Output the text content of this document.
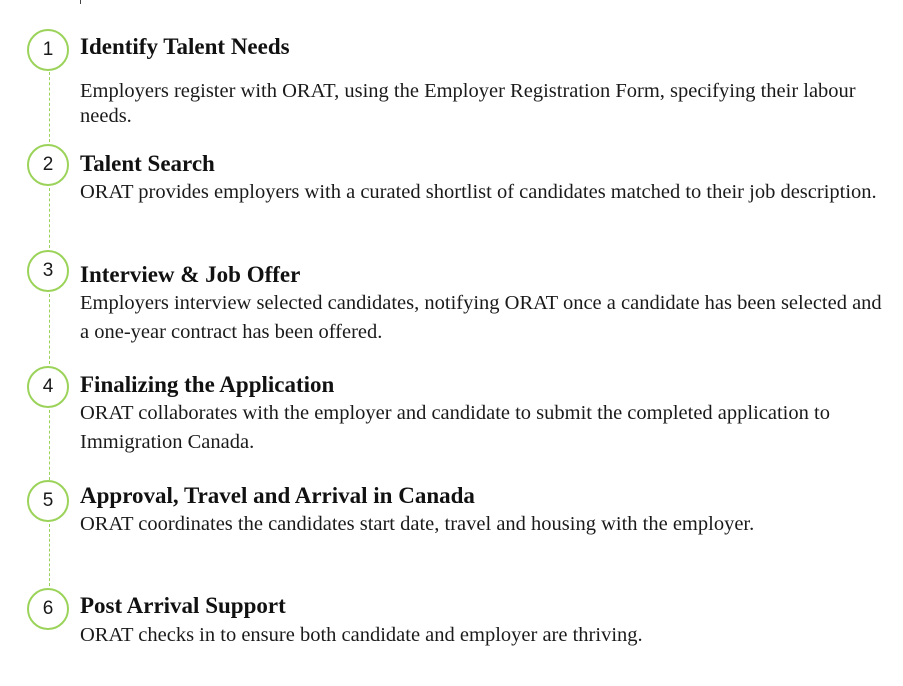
1	Identify Talent Needs
Employers register with ORAT, using the Employer Registration Form, specifying their labour needs.
2	Talent Search
ORAT provides employers with a curated shortlist of candidates matched to their job description.
3	Interview & Job Offer
Employers interview selected candidates, notifying ORAT once a candidate has been selected and a one-year contract has been offered.
4	Finalizing the Application
ORAT collaborates with the employer and candidate to submit the completed application to Immigration Canada.
5	Approval, Travel and Arrival in Canada
ORAT coordinates the candidates start date, travel and housing with the employer.
6	Post Arrival Support
ORAT checks in to ensure both candidate and employer are thriving.
